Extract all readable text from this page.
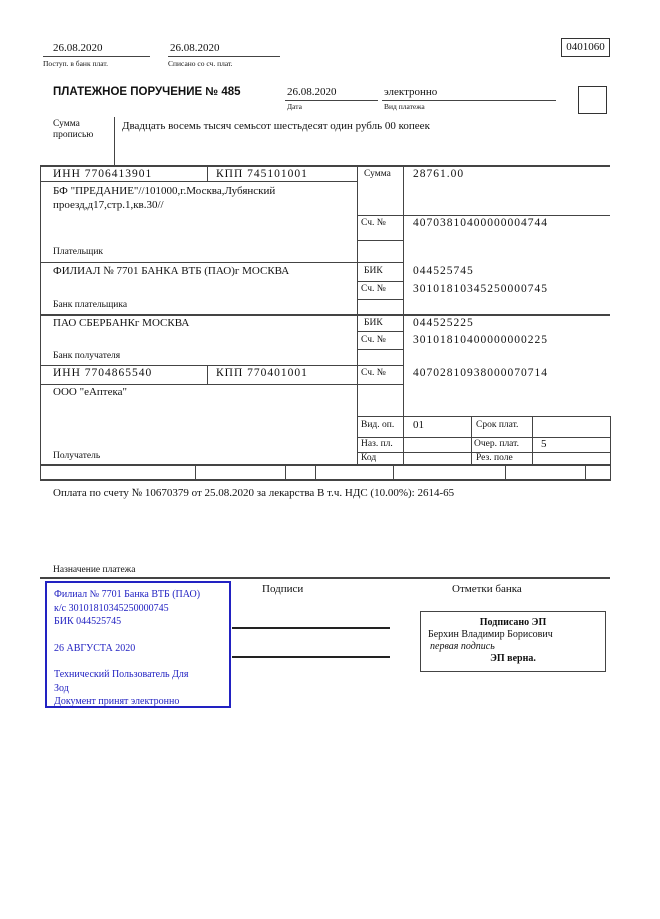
26.08.2020	26.08.2020
Поступ. в банк плат.	Списано со сч. плат.
0401060
ПЛАТЕЖНОЕ ПОРУЧЕНИЕ № 485	26.08.2020
Дата
электронно
Вид платежа
Сумма прописью
Двадцать восемь тысяч семьсот шестьдесят один рубль 00 копеек
ИНН 7706413901	КПП 745101001	Сумма 28761.00
БФ "ПРЕДАНИЕ"//101000,г.Москва,Лубянский
проезд,д17,стр.1,кв.30//
Сч. № 40703810400000004744
Плательщик
ФИЛИАЛ № 7701 БАНКА ВТБ (ПАО)г МОСКВА	БИК	044525745
Сч. № 30101810345250000745
Банк плательщика
ПАО СБЕРБАНКг МОСКВА	БИК	044525225
Сч. № 30101810400000000225
Банк получателя
ИНН 7704865540	КПП 770401001	Сч. № 40702810938000070714
ООО "еАптека"
Вид. оп. 01	Срок плат.
Наз. пл.	Очер. плат. 5
Код	Рез. поле
Получатель
Оплата по счету № 10670379 от 25.08.2020 за лекарства В т.ч. НДС (10.00%): 2614-65
Назначение платежа
Подписи	Отметки банка
Филиал № 7701 Банка ВТБ (ПАО)
к/с 30101810345250000745
БИК 044525745
26 АВГУСТА 2020
Технический Пользователь Для
Зод
Документ принят электронно
Подписано ЭП
Берхин Владимир Борисович
первая подпись
ЭП верна.
